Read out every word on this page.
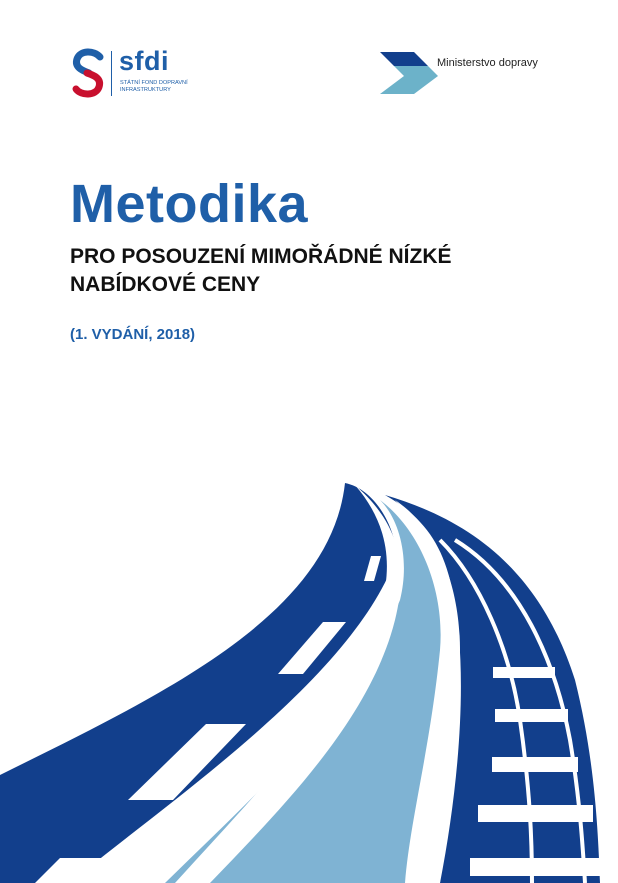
sfdi
STÁTNÍ FOND DOPRAVNÍ
INFRASTRUKTURY
Ministerstvo dopravy
Metodika
PRO POSOUZENÍ MIMOŘÁDNÉ NÍZKÉ
NABÍDKOVÉ CENY
(1. VYDÁNÍ, 2018)
